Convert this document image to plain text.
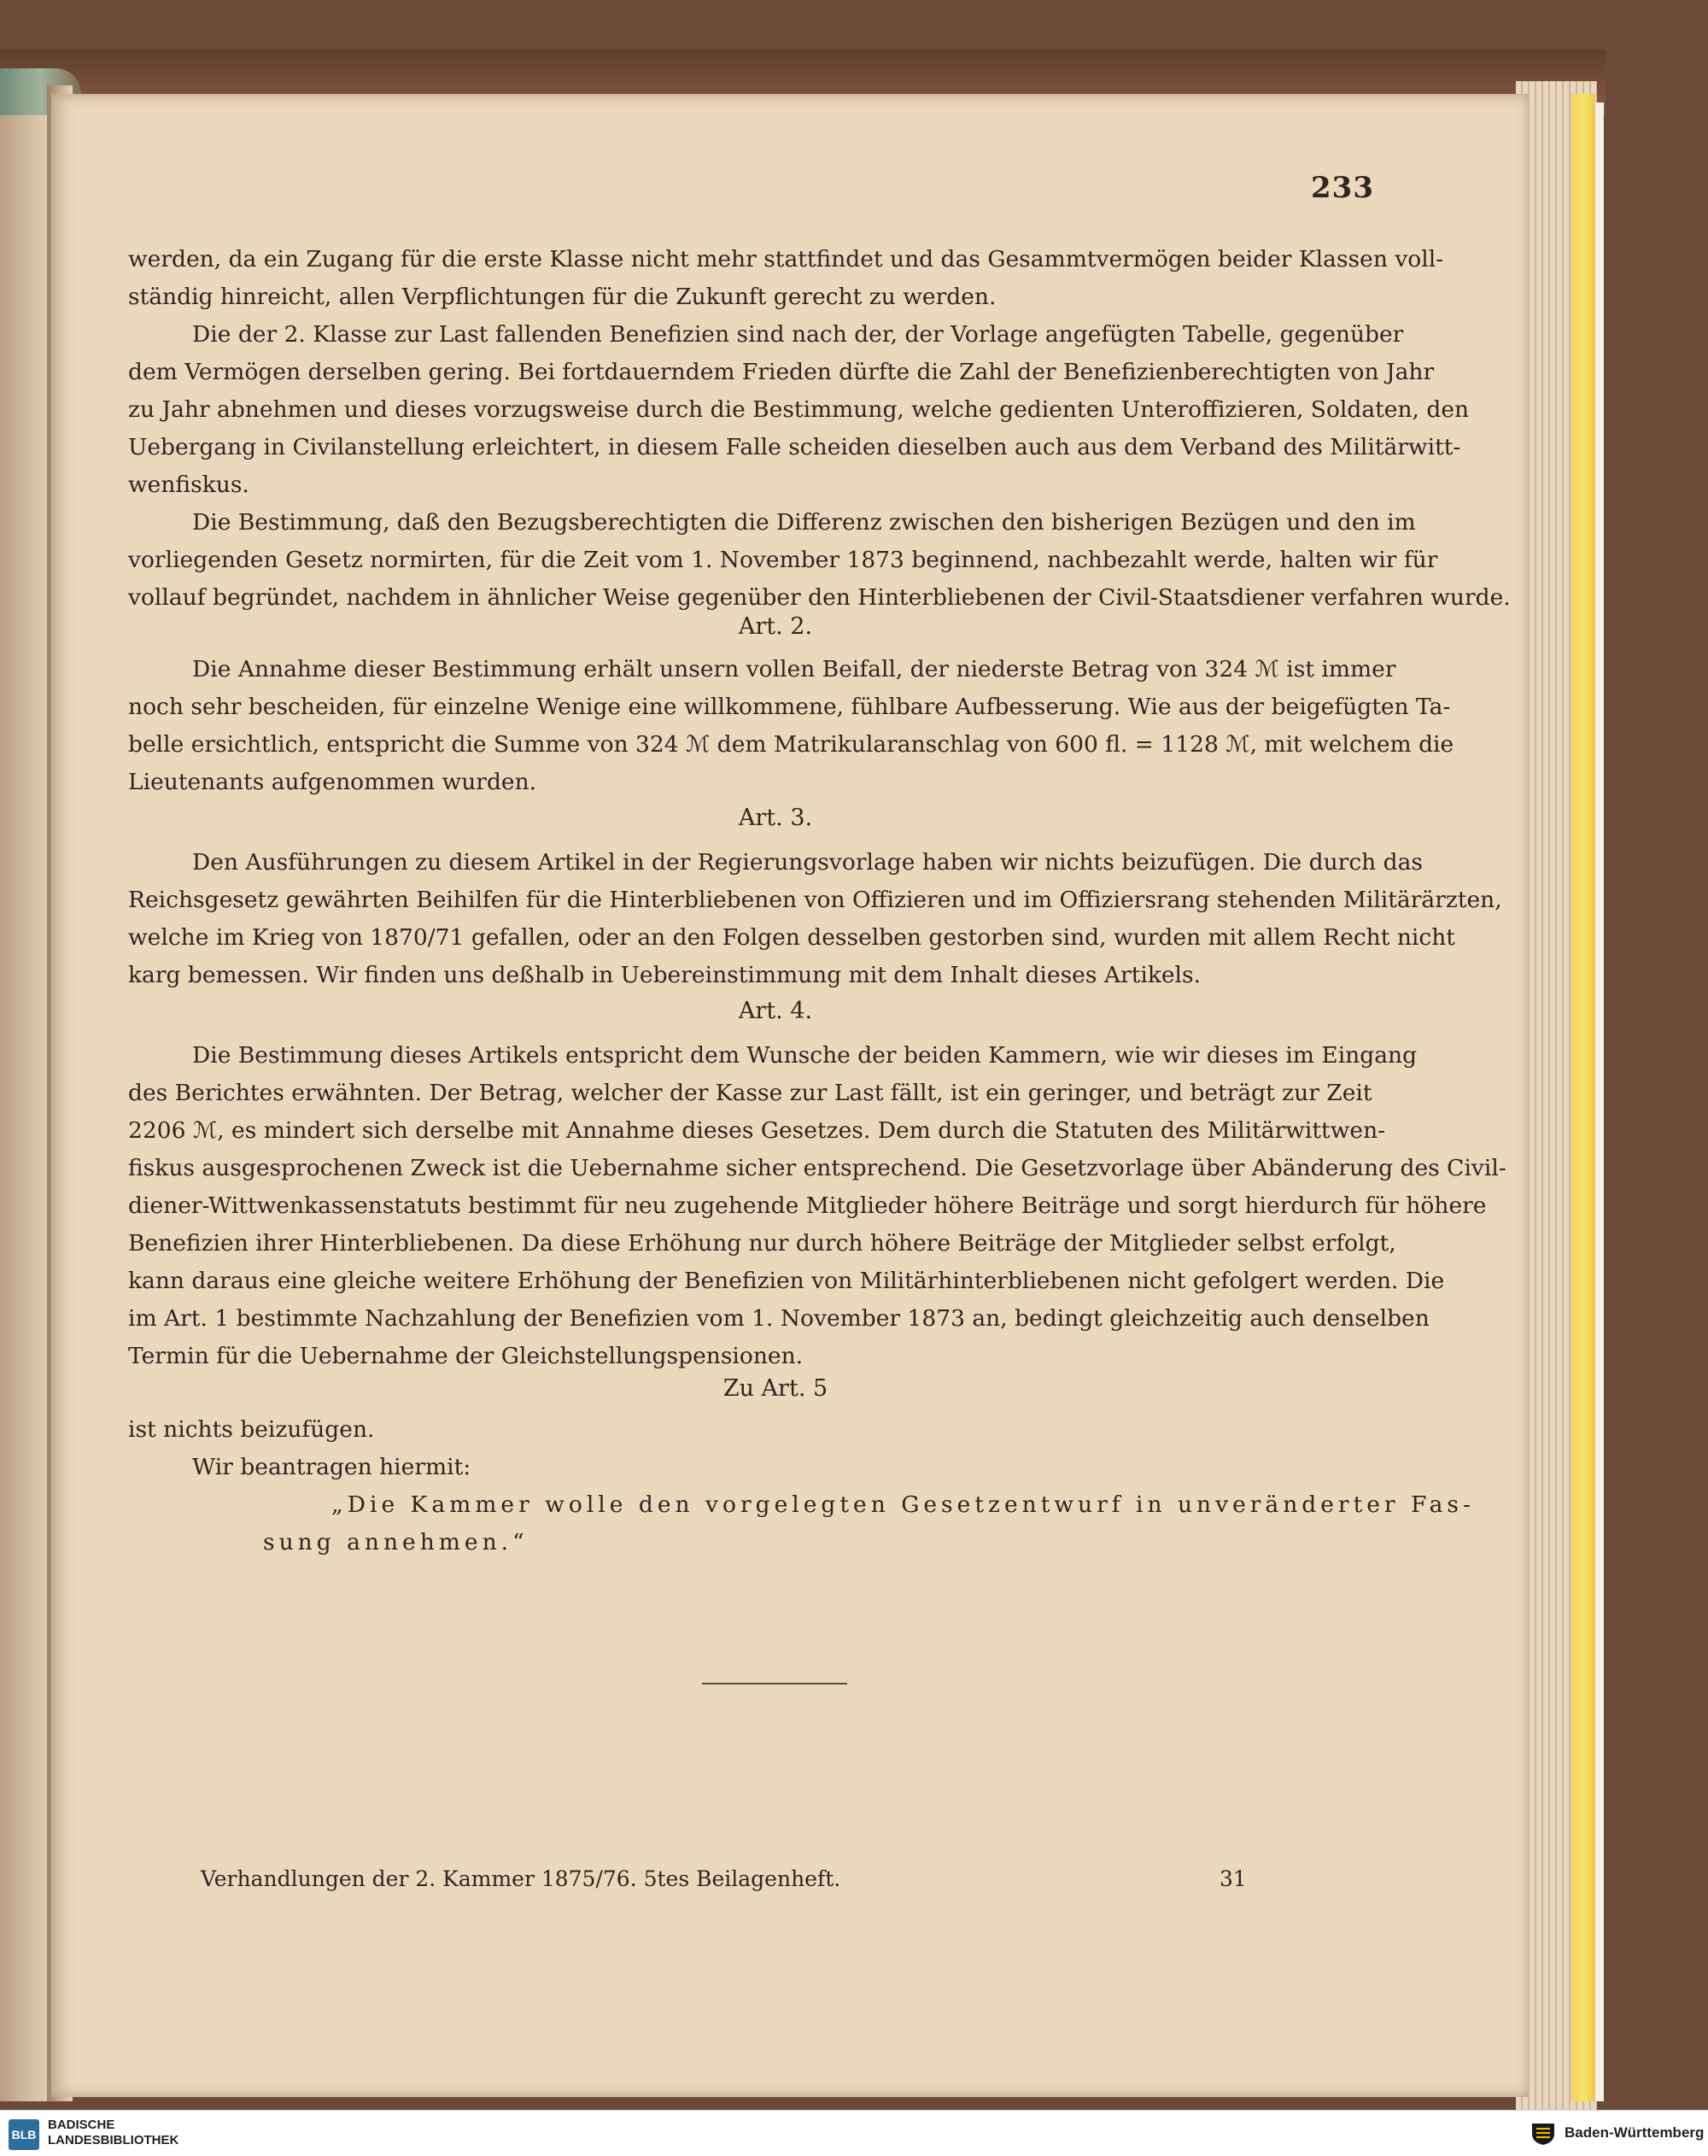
233
werden, da ein Zugang für die erste Klasse nicht mehr stattfindet und das Gesammtvermögen beider Klassen voll-
ständig hinreicht, allen Verpflichtungen für die Zukunft gerecht zu werden.
Die der 2. Klasse zur Last fallenden Benefizien sind nach der, der Vorlage angefügten Tabelle, gegenüber
dem Vermögen derselben gering. Bei fortdauerndem Frieden dürfte die Zahl der Benefizienberechtigten von Jahr
zu Jahr abnehmen und dieses vorzugsweise durch die Bestimmung, welche gedienten Unteroffizieren, Soldaten, den
Uebergang in Civilanstellung erleichtert, in diesem Falle scheiden dieselben auch aus dem Verband des Militärwitt-
wenfiskus.
Die Bestimmung, daß den Bezugsberechtigten die Differenz zwischen den bisherigen Bezügen und den im
vorliegenden Gesetz normirten, für die Zeit vom 1. November 1873 beginnend, nachbezahlt werde, halten wir für
vollauf begründet, nachdem in ähnlicher Weise gegenüber den Hinterbliebenen der Civil-Staatsdiener verfahren wurde.
Art. 2.
Die Annahme dieser Bestimmung erhält unsern vollen Beifall, der niederste Betrag von 324 ℳ ist immer
noch sehr bescheiden, für einzelne Wenige eine willkommene, fühlbare Aufbesserung. Wie aus der beigefügten Ta-
belle ersichtlich, entspricht die Summe von 324 ℳ dem Matrikularanschlag von 600 fl. = 1128 ℳ, mit welchem die
Lieutenants aufgenommen wurden.
Art. 3.
Den Ausführungen zu diesem Artikel in der Regierungsvorlage haben wir nichts beizufügen. Die durch das
Reichsgesetz gewährten Beihilfen für die Hinterbliebenen von Offizieren und im Offiziersrang stehenden Militärärzten,
welche im Krieg von 1870/71 gefallen, oder an den Folgen desselben gestorben sind, wurden mit allem Recht nicht
karg bemessen. Wir finden uns deßhalb in Uebereinstimmung mit dem Inhalt dieses Artikels.
Art. 4.
Die Bestimmung dieses Artikels entspricht dem Wunsche der beiden Kammern, wie wir dieses im Eingang
des Berichtes erwähnten. Der Betrag, welcher der Kasse zur Last fällt, ist ein geringer, und beträgt zur Zeit
2206 ℳ, es mindert sich derselbe mit Annahme dieses Gesetzes. Dem durch die Statuten des Militärwittwen-
fiskus ausgesprochenen Zweck ist die Uebernahme sicher entsprechend. Die Gesetzvorlage über Abänderung des Civil-
diener-Wittwenkassenstatuts bestimmt für neu zugehende Mitglieder höhere Beiträge und sorgt hierdurch für höhere
Benefizien ihrer Hinterbliebenen. Da diese Erhöhung nur durch höhere Beiträge der Mitglieder selbst erfolgt,
kann daraus eine gleiche weitere Erhöhung der Benefizien von Militärhinterbliebenen nicht gefolgert werden. Die
im Art. 1 bestimmte Nachzahlung der Benefizien vom 1. November 1873 an, bedingt gleichzeitig auch denselben
Termin für die Uebernahme der Gleichstellungspensionen.
Zu Art. 5
ist nichts beizufügen.
Wir beantragen hiermit:
„Die Kammer wolle den vorgelegten Gesetzentwurf in unveränderter Fas-
sung annehmen.“
Verhandlungen der 2. Kammer 1875/76. 5tes Beilagenheft.	31
BLB
BADISCHE
LANDESBIBLIOTHEK	Baden-Württemberg
